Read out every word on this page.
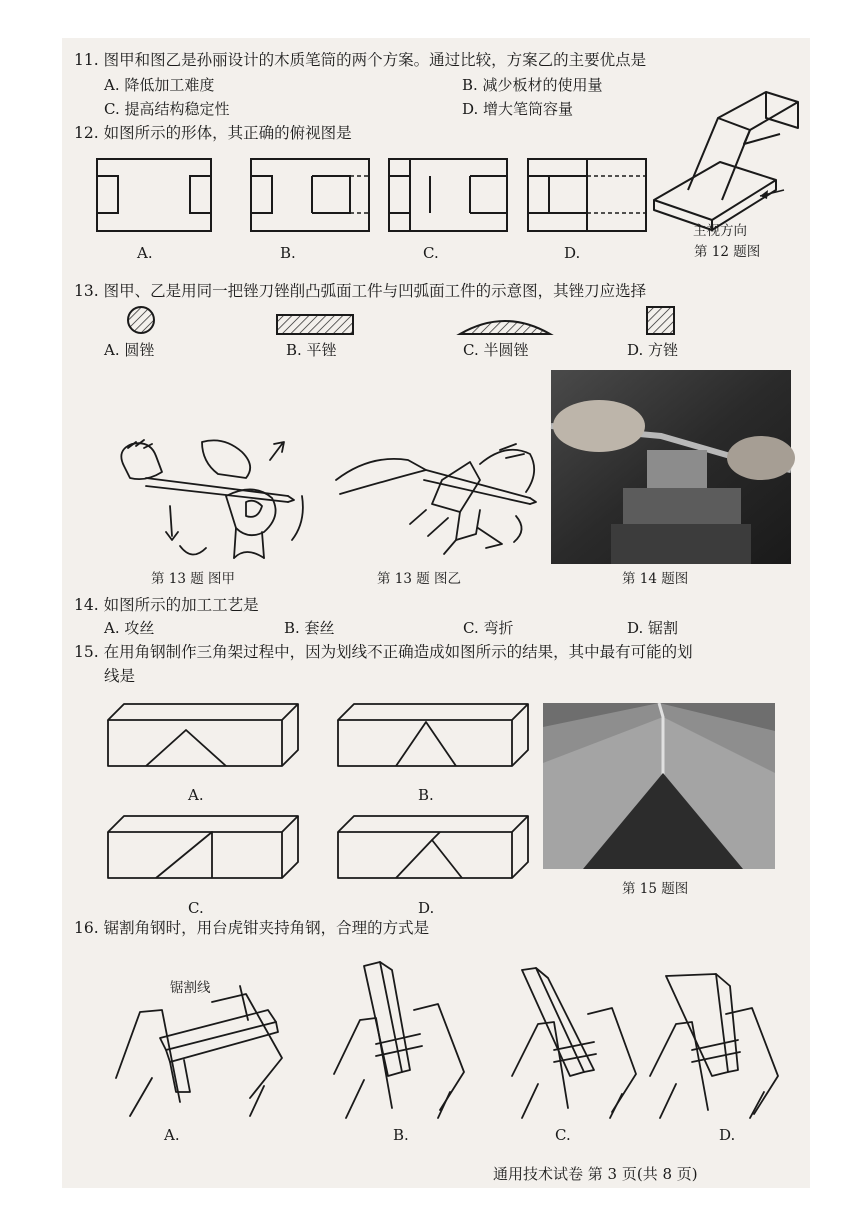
11. 图甲和图乙是孙丽设计的木质笔筒的两个方案。通过比较，方案乙的主要优点是
A. 降低加工难度	B. 减少板材的使用量
C. 提高结构稳定性	D. 增大笔筒容量
12. 如图所示的形体，其正确的俯视图是
A.	B.	C.	D.
主视方向
第 12 题图
13. 图甲、乙是用同一把锉刀锉削凸弧面工件与凹弧面工件的示意图，其锉刀应选择
A. 圆锉	B. 平锉	C. 半圆锉	D. 方锉
第 13 题 图甲	第 13 题 图乙	第 14 题图
14. 如图所示的加工工艺是
A. 攻丝	B. 套丝	C. 弯折	D. 锯割
15. 在用角钢制作三角架过程中，因为划线不正确造成如图所示的结果，其中最有可能的划
线是
A.	B.
C.	D.
第 15 题图
16. 锯割角钢时，用台虎钳夹持角钢，合理的方式是
锯割线
A.	B.	C.	D.
通用技术试卷 第 3 页(共 8 页)
